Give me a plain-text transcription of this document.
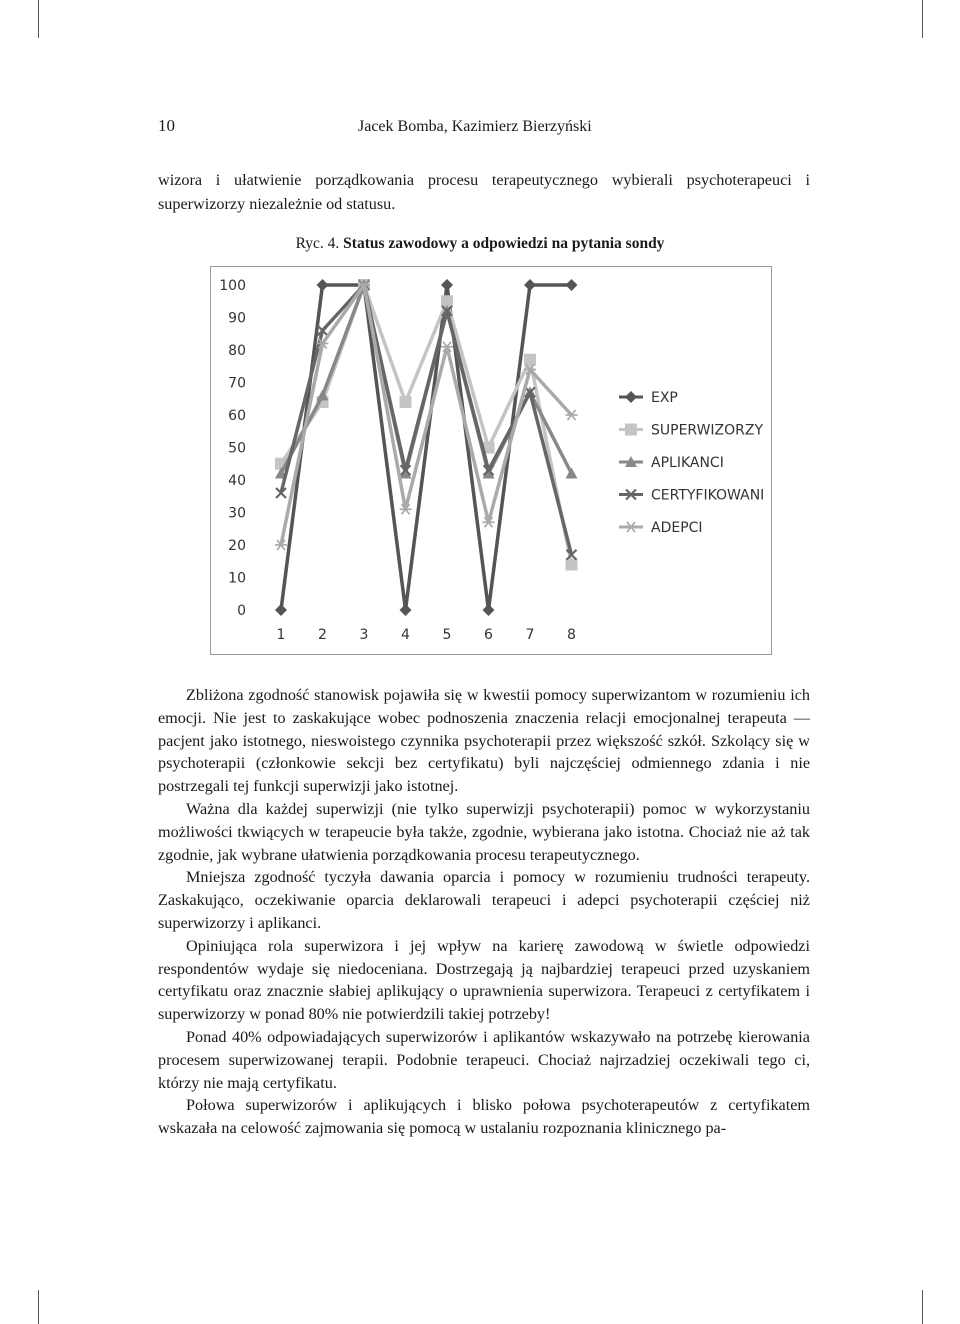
10	Jacek Bomba, Kazimierz Bierzyński
wizora i ułatwienie porządkowania procesu terapeutycznego wybierali psychoterapeuci i superwizorzy niezależnie od statusu.
Ryc. 4. Status zawodowy a odpowiedzi na pytania sondy
0
10
20
30
40
50
60
70
80
90
100
1 2 3 4 5 6 7 8
EXP
SUPERWIZORZY
APLIKANCI
CERTYFIKOWANI
ADEPCI

Zbliżona zgodność stanowisk pojawiła się w kwestii pomocy superwizantom w rozumieniu ich emocji. Nie jest to zaskakujące wobec podnoszenia znaczenia relacji emocjonalnej terapeuta — pacjent jako istotnego, nieswoistego czynnika psychoterapii przez większość szkół. Szkolący się w psychoterapii (członkowie sekcji bez certyfikatu) byli najczęściej odmiennego zdania i nie postrzegali tej funkcji superwizji jako istotnej.

Ważna dla każdej superwizji (nie tylko superwizji psychoterapii) pomoc w wykorzystaniu możliwości tkwiących w terapeucie była także, zgodnie, wybierana jako istotna. Chociaż nie aż tak zgodnie, jak wybrane ułatwienia porządkowania procesu terapeutycznego.

Mniejsza zgodność tyczyła dawania oparcia i pomocy w rozumieniu trudności terapeuty. Zaskakująco, oczekiwanie oparcia deklarowali terapeuci i adepci psychoterapii częściej niż superwizorzy i aplikanci.

Opiniująca rola superwizora i jej wpływ na karierę zawodową w świetle odpowiedzi respondentów wydaje się niedoceniana. Dostrzegają ją najbardziej terapeuci przed uzyskaniem certyfikatu oraz znacznie słabiej aplikujący o uprawnienia superwizora. Terapeuci z certyfikatem i superwizorzy w ponad 80% nie potwierdzili takiej potrzeby!

Ponad 40% odpowiadających superwizorów i aplikantów wskazywało na potrzebę kierowania procesem superwizowanej terapii. Podobnie terapeuci. Chociaż najrzadziej oczekiwali tego ci, którzy nie mają certyfikatu.

Połowa superwizorów i aplikujących i blisko połowa psychoterapeutów z certyfikatem wskazała na celowość zajmowania się pomocą w ustalaniu rozpoznania klinicznego pa-
